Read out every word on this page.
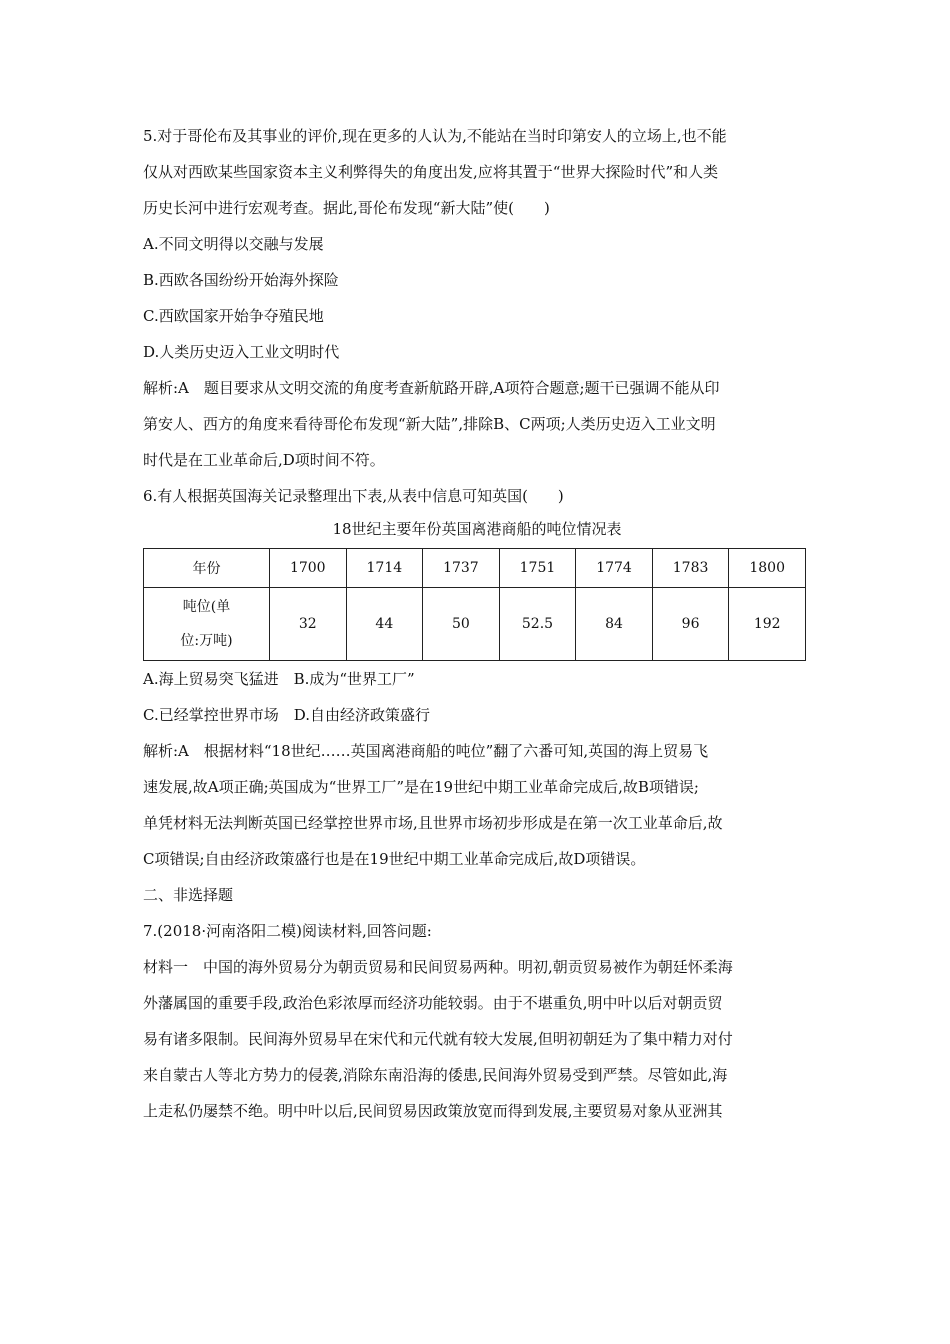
5.对于哥伦布及其事业的评价,现在更多的人认为,不能站在当时印第安人的立场上,也不能

仅从对西欧某些国家资本主义利弊得失的角度出发,应将其置于“世界大探险时代”和人类

历史长河中进行宏观考查。据此,哥伦布发现“新大陆”使(　　)

A.不同文明得以交融与发展

B.西欧各国纷纷开始海外探险

C.西欧国家开始争夺殖民地

D.人类历史迈入工业文明时代

解析:A　题目要求从文明交流的角度考查新航路开辟,A项符合题意;题干已强调不能从印

第安人、西方的角度来看待哥伦布发现“新大陆”,排除B、C两项;人类历史迈入工业文明

时代是在工业革命后,D项时间不符。

6.有人根据英国海关记录整理出下表,从表中信息可知英国(　　)

18世纪主要年份英国离港商船的吨位情况表

年份	1700	1714	1737	1751	1774	1783	1800

吨位(单
位:万吨)	32	44	50	52.5	84	96	192

A.海上贸易突飞猛进　B.成为“世界工厂”

C.已经掌控世界市场　D.自由经济政策盛行

解析:A　根据材料“18世纪……英国离港商船的吨位”翻了六番可知,英国的海上贸易飞

速发展,故A项正确;英国成为“世界工厂”是在19世纪中期工业革命完成后,故B项错误;

单凭材料无法判断英国已经掌控世界市场,且世界市场初步形成是在第一次工业革命后,故

C项错误;自由经济政策盛行也是在19世纪中期工业革命完成后,故D项错误。

二、非选择题

7.(2018·河南洛阳二模)阅读材料,回答问题:

材料一　中国的海外贸易分为朝贡贸易和民间贸易两种。明初,朝贡贸易被作为朝廷怀柔海

外藩属国的重要手段,政治色彩浓厚而经济功能较弱。由于不堪重负,明中叶以后对朝贡贸

易有诸多限制。民间海外贸易早在宋代和元代就有较大发展,但明初朝廷为了集中精力对付

来自蒙古人等北方势力的侵袭,消除东南沿海的倭患,民间海外贸易受到严禁。尽管如此,海

上走私仍屡禁不绝。明中叶以后,民间贸易因政策放宽而得到发展,主要贸易对象从亚洲其
